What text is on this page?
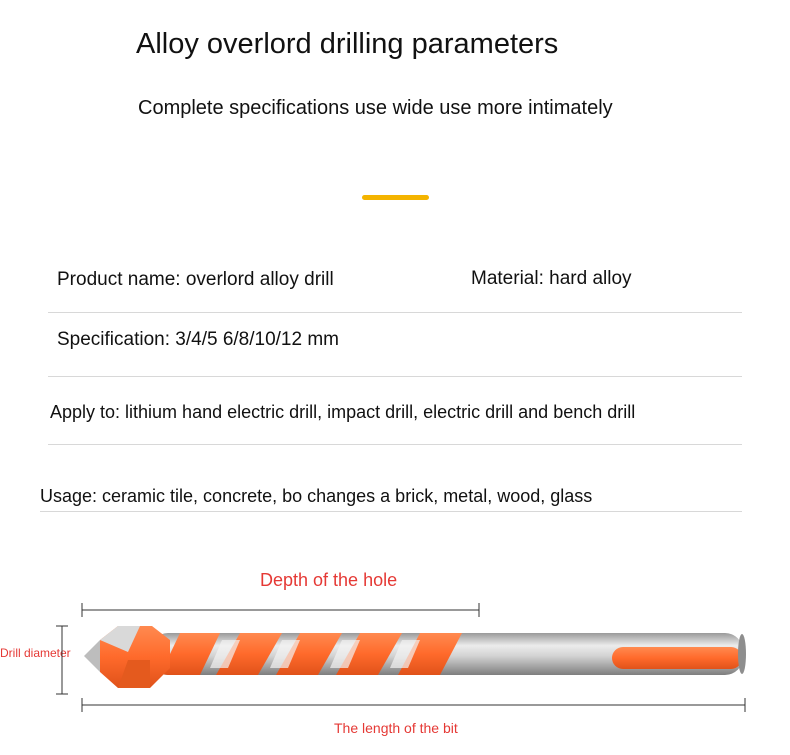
Alloy overlord drilling parameters
Complete specifications use wide use more intimately
Product name: overlord alloy drill	Material: hard alloy
Specification: 3/4/5 6/8/10/12 mm
Apply to: lithium hand electric drill, impact drill, electric drill and bench drill
Usage: ceramic tile, concrete, bo changes a brick, metal, wood, glass
Depth of the hole
Drill diameter
The length of the bit
